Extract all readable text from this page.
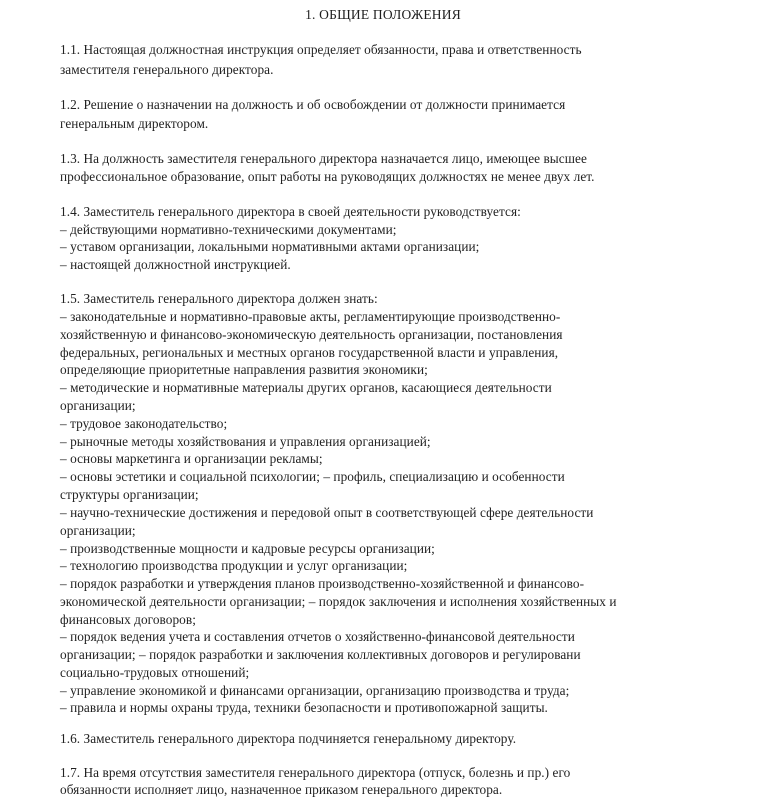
1. ОБЩИЕ ПОЛОЖЕНИЯ
1.1. Настоящая должностная инструкция определяет обязанности, права и ответственность
заместителя генерального директора.
1.2. Решение о назначении на должность и об освобождении от должности принимается
генеральным директором.
1.3. На должность заместителя генерального директора назначается лицо, имеющее высшее
профессиональное образование, опыт работы на руководящих должностях не менее двух лет.
1.4. Заместитель генерального директора в своей деятельности руководствуется:
– действующими нормативно-техническими документами;
– уставом организации, локальными нормативными актами организации;
– настоящей должностной инструкцией.
1.5. Заместитель генерального директора должен знать:
– законодательные и нормативно-правовые акты, регламентирующие производственно-
хозяйственную и финансово-экономическую деятельность организации, постановления
федеральных, региональных и местных органов государственной власти и управления,
определяющие приоритетные направления развития экономики;
– методические и нормативные материалы других органов, касающиеся деятельности
организации;
– трудовое законодательство;
– рыночные методы хозяйствования и управления организацией;
– основы маркетинга и организации рекламы;
– основы эстетики и социальной психологии; – профиль, специализацию и особенности
структуры организации;
– научно-технические достижения и передовой опыт в соответствующей сфере деятельности
организации;
– производственные мощности и кадровые ресурсы организации;
– технологию производства продукции и услуг организации;
– порядок разработки и утверждения планов производственно-хозяйственной и финансово-
экономической деятельности организации; – порядок заключения и исполнения хозяйственных и
финансовых договоров;
– порядок ведения учета и составления отчетов о хозяйственно-финансовой деятельности
организации; – порядок разработки и заключения коллективных договоров и регулировани
социально-трудовых отношений;
– управление экономикой и финансами организации, организацию производства и труда;
– правила и нормы охраны труда, техники безопасности и противопожарной защиты.
1.6. Заместитель генерального директора подчиняется генеральному директору.
1.7. На время отсутствия заместителя генерального директора (отпуск, болезнь и пр.) его
обязанности исполняет лицо, назначенное приказом генерального директора.
